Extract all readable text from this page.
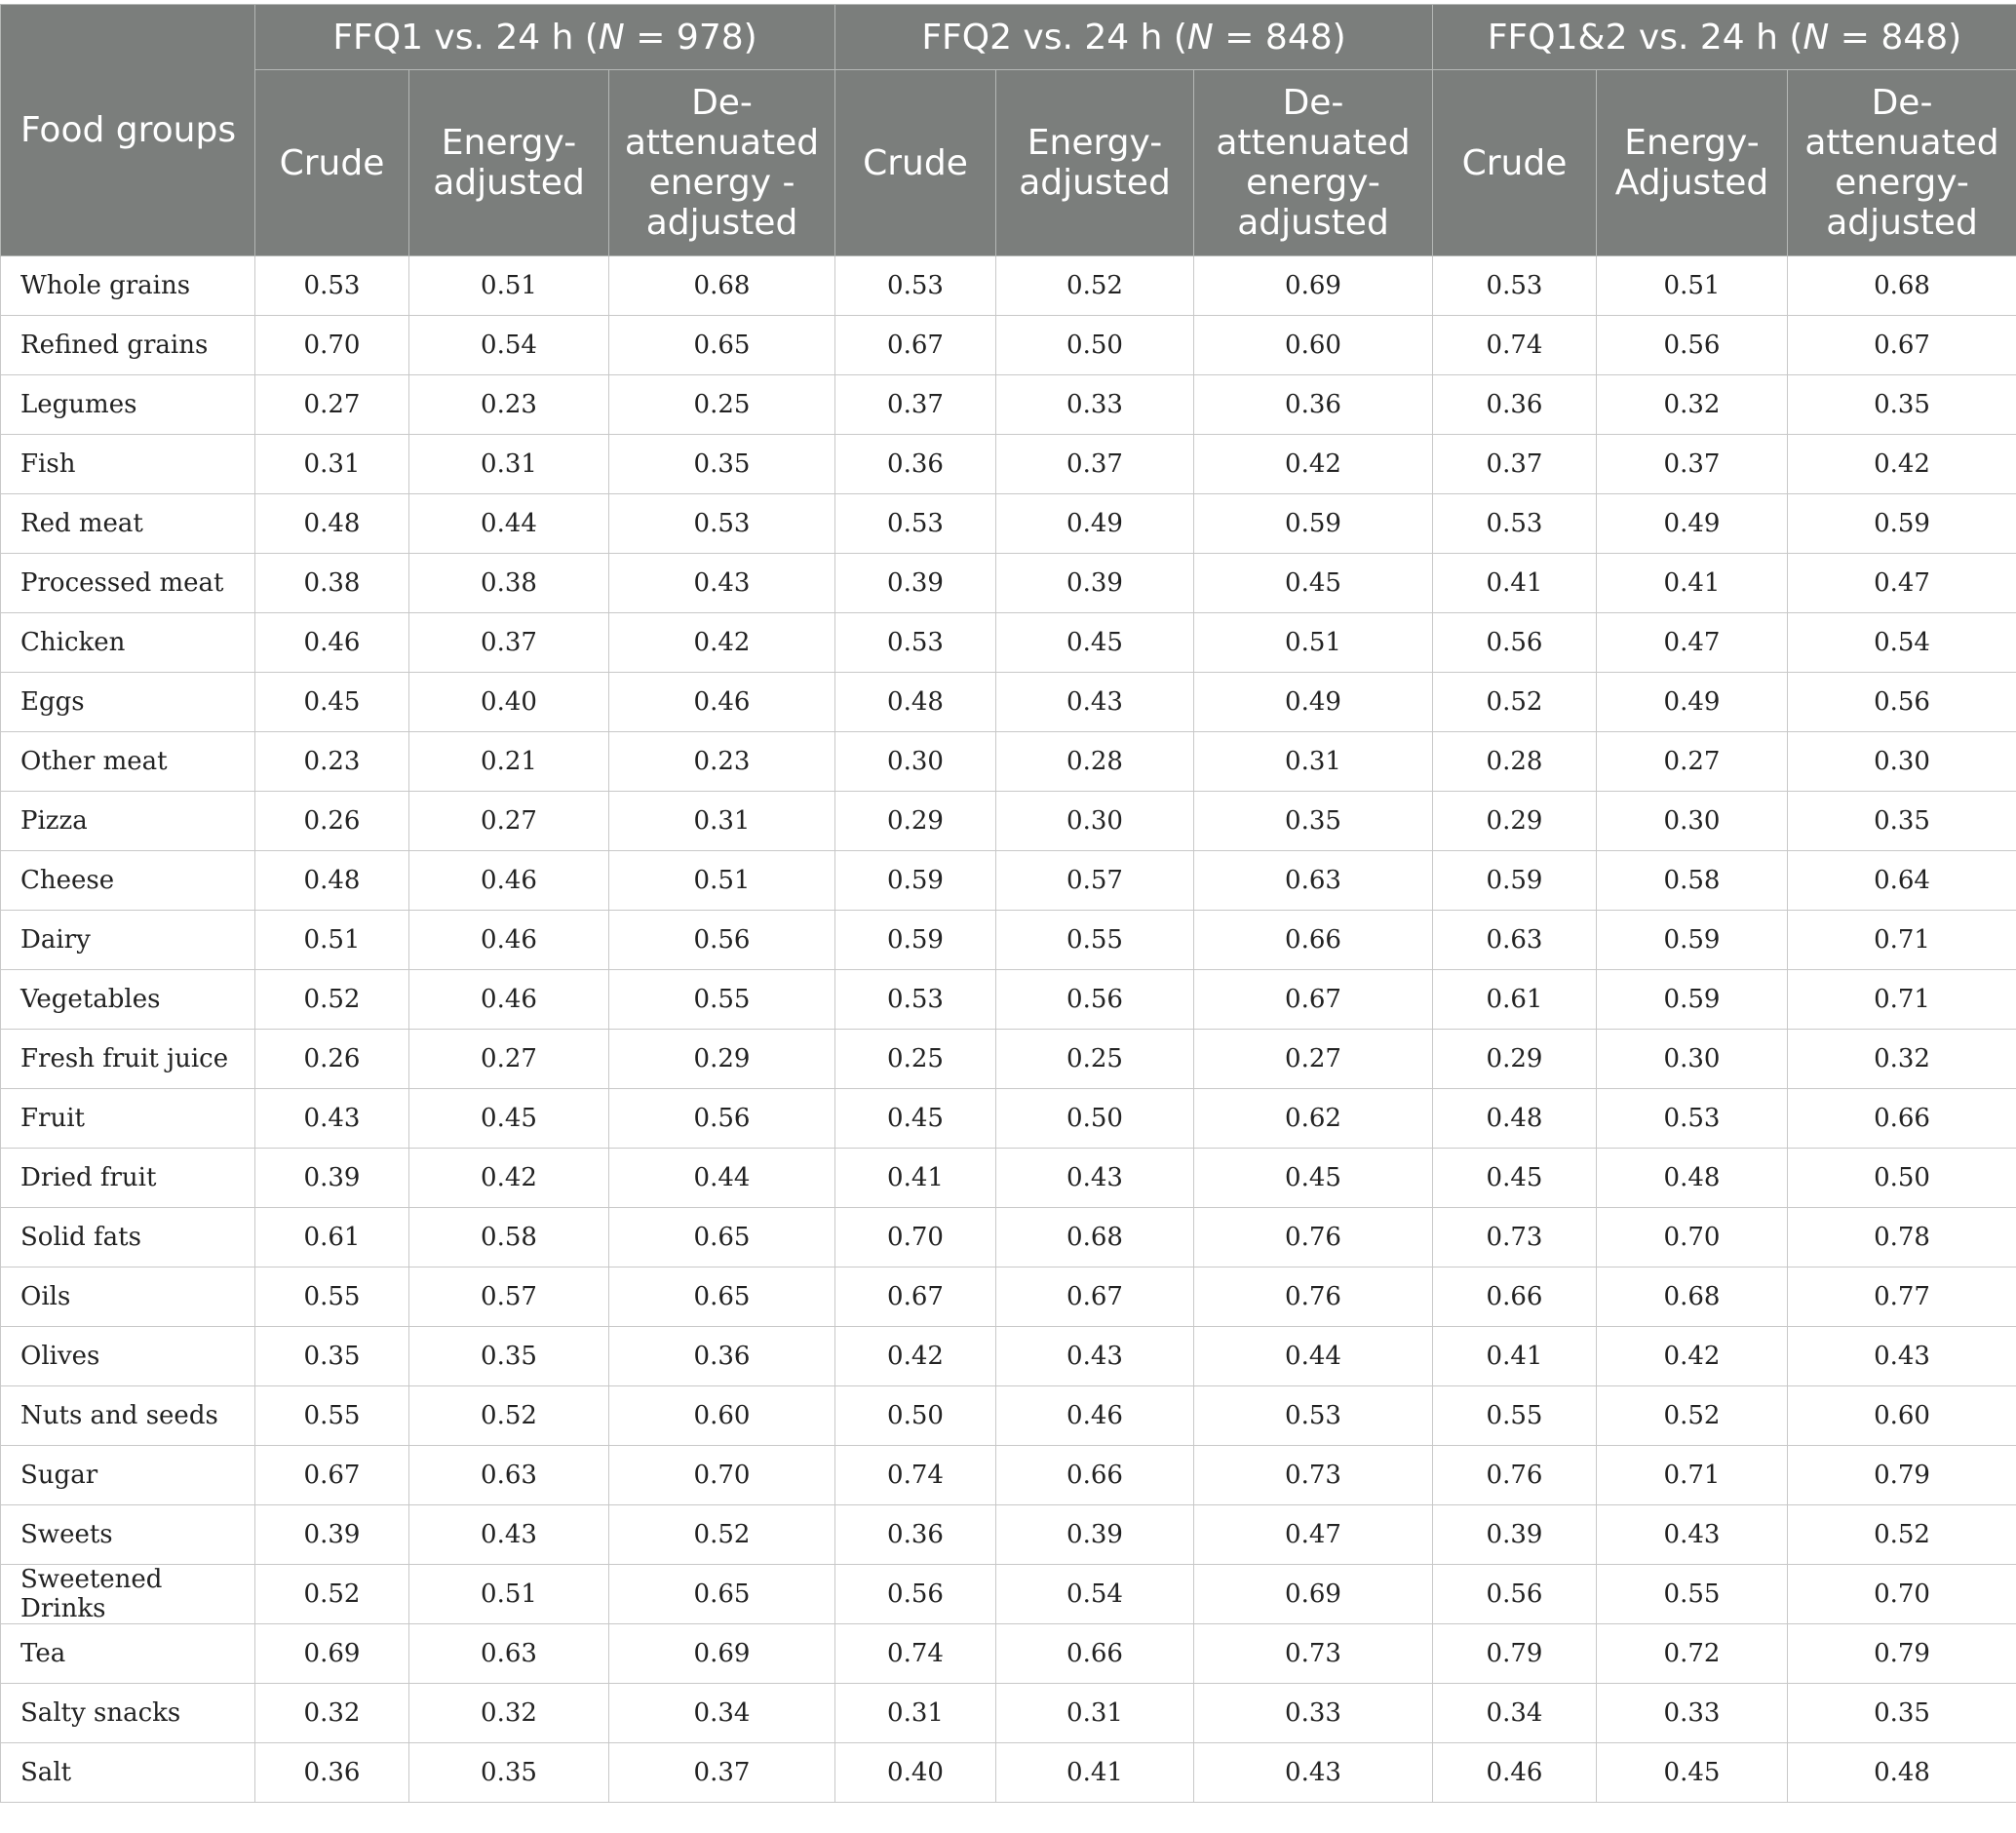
Food groups	FFQ1 vs. 24 h (N = 978)			FFQ2 vs. 24 h (N = 848)			FFQ1&2 vs. 24 h (N = 848)		
	Crude	Energy-adjusted	De-attenuated energy -adjusted	Crude	Energy-adjusted	De-attenuated energy-adjusted	Crude	Energy-Adjusted	De-attenuated energy-adjusted
Whole grains	0.53	0.51	0.68	0.53	0.52	0.69	0.53	0.51	0.68
Refined grains	0.70	0.54	0.65	0.67	0.50	0.60	0.74	0.56	0.67
Legumes	0.27	0.23	0.25	0.37	0.33	0.36	0.36	0.32	0.35
Fish	0.31	0.31	0.35	0.36	0.37	0.42	0.37	0.37	0.42
Red meat	0.48	0.44	0.53	0.53	0.49	0.59	0.53	0.49	0.59
Processed meat	0.38	0.38	0.43	0.39	0.39	0.45	0.41	0.41	0.47
Chicken	0.46	0.37	0.42	0.53	0.45	0.51	0.56	0.47	0.54
Eggs	0.45	0.40	0.46	0.48	0.43	0.49	0.52	0.49	0.56
Other meat	0.23	0.21	0.23	0.30	0.28	0.31	0.28	0.27	0.30
Pizza	0.26	0.27	0.31	0.29	0.30	0.35	0.29	0.30	0.35
Cheese	0.48	0.46	0.51	0.59	0.57	0.63	0.59	0.58	0.64
Dairy	0.51	0.46	0.56	0.59	0.55	0.66	0.63	0.59	0.71
Vegetables	0.52	0.46	0.55	0.53	0.56	0.67	0.61	0.59	0.71
Fresh fruit juice	0.26	0.27	0.29	0.25	0.25	0.27	0.29	0.30	0.32
Fruit	0.43	0.45	0.56	0.45	0.50	0.62	0.48	0.53	0.66
Dried fruit	0.39	0.42	0.44	0.41	0.43	0.45	0.45	0.48	0.50
Solid fats	0.61	0.58	0.65	0.70	0.68	0.76	0.73	0.70	0.78
Oils	0.55	0.57	0.65	0.67	0.67	0.76	0.66	0.68	0.77
Olives	0.35	0.35	0.36	0.42	0.43	0.44	0.41	0.42	0.43
Nuts and seeds	0.55	0.52	0.60	0.50	0.46	0.53	0.55	0.52	0.60
Sugar	0.67	0.63	0.70	0.74	0.66	0.73	0.76	0.71	0.79
Sweets	0.39	0.43	0.52	0.36	0.39	0.47	0.39	0.43	0.52
Sweetened Drinks	0.52	0.51	0.65	0.56	0.54	0.69	0.56	0.55	0.70
Tea	0.69	0.63	0.69	0.74	0.66	0.73	0.79	0.72	0.79
Salty snacks	0.32	0.32	0.34	0.31	0.31	0.33	0.34	0.33	0.35
Salt	0.36	0.35	0.37	0.40	0.41	0.43	0.46	0.45	0.48
